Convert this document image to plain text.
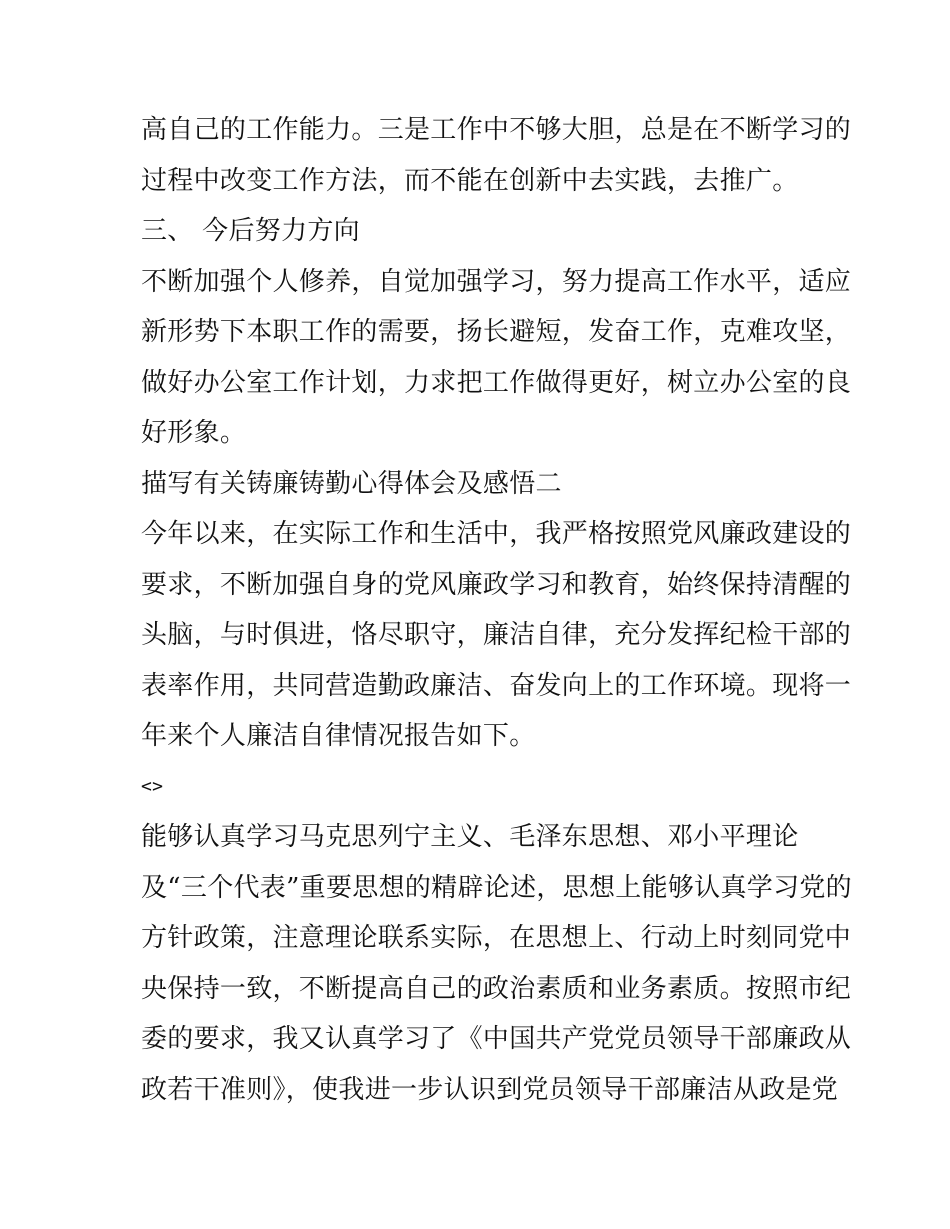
高自己的工作能力。三是工作中不够大胆，总是在不断学习的
过程中改变工作方法，而不能在创新中去实践，去推广。
三、 今后努力方向
不断加强个人修养，自觉加强学习，努力提高工作水平，适应
新形势下本职工作的需要，扬长避短，发奋工作，克难攻坚，
做好办公室工作计划，力求把工作做得更好，树立办公室的良
好形象。
描写有关铸廉铸勤心得体会及感悟二
今年以来，在实际工作和生活中，我严格按照党风廉政建设的
要求，不断加强自身的党风廉政学习和教育，始终保持清醒的
头脑，与时俱进，恪尽职守，廉洁自律，充分发挥纪检干部的
表率作用，共同营造勤政廉洁、奋发向上的工作环境。现将一
年来个人廉洁自律情况报告如下。
<>
能够认真学习马克思列宁主义、毛泽东思想、邓小平理论
及“三个代表”重要思想的精辟论述，思想上能够认真学习党的
方针政策，注意理论联系实际，在思想上、行动上时刻同党中
央保持一致，不断提高自己的政治素质和业务素质。按照市纪
委的要求，我又认真学习了《中国共产党党员领导干部廉政从
政若干准则》，使我进一步认识到党员领导干部廉洁从政是党
